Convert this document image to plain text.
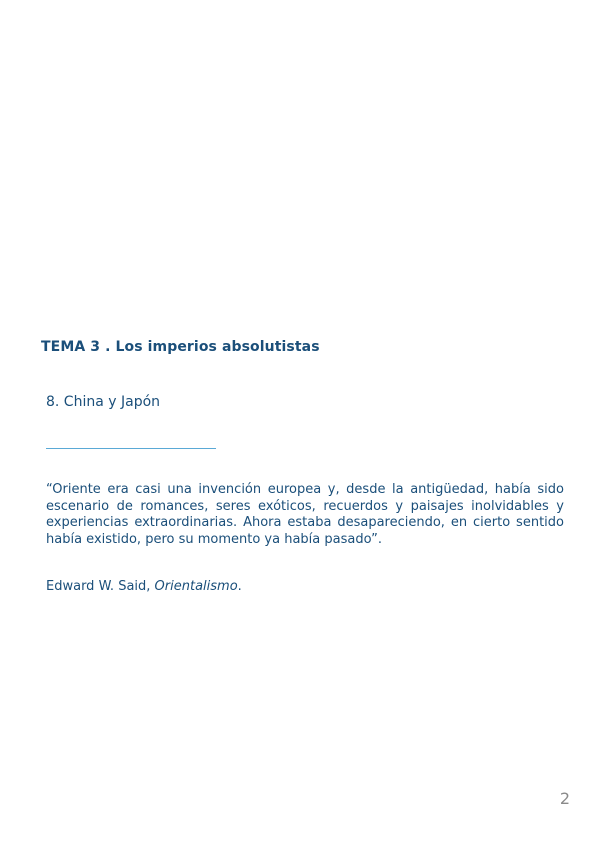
TEMA 3 . Los imperios absolutistas
8. China y Japón

“Oriente era casi una invención europea y, desde la antigüedad, había sido escenario de romances, seres exóticos, recuerdos y paisajes inolvidables y experiencias extraordinarias. Ahora estaba desapareciendo, en cierto sentido había existido, pero su momento ya había pasado”.

Edward W. Said, Orientalismo.
2
